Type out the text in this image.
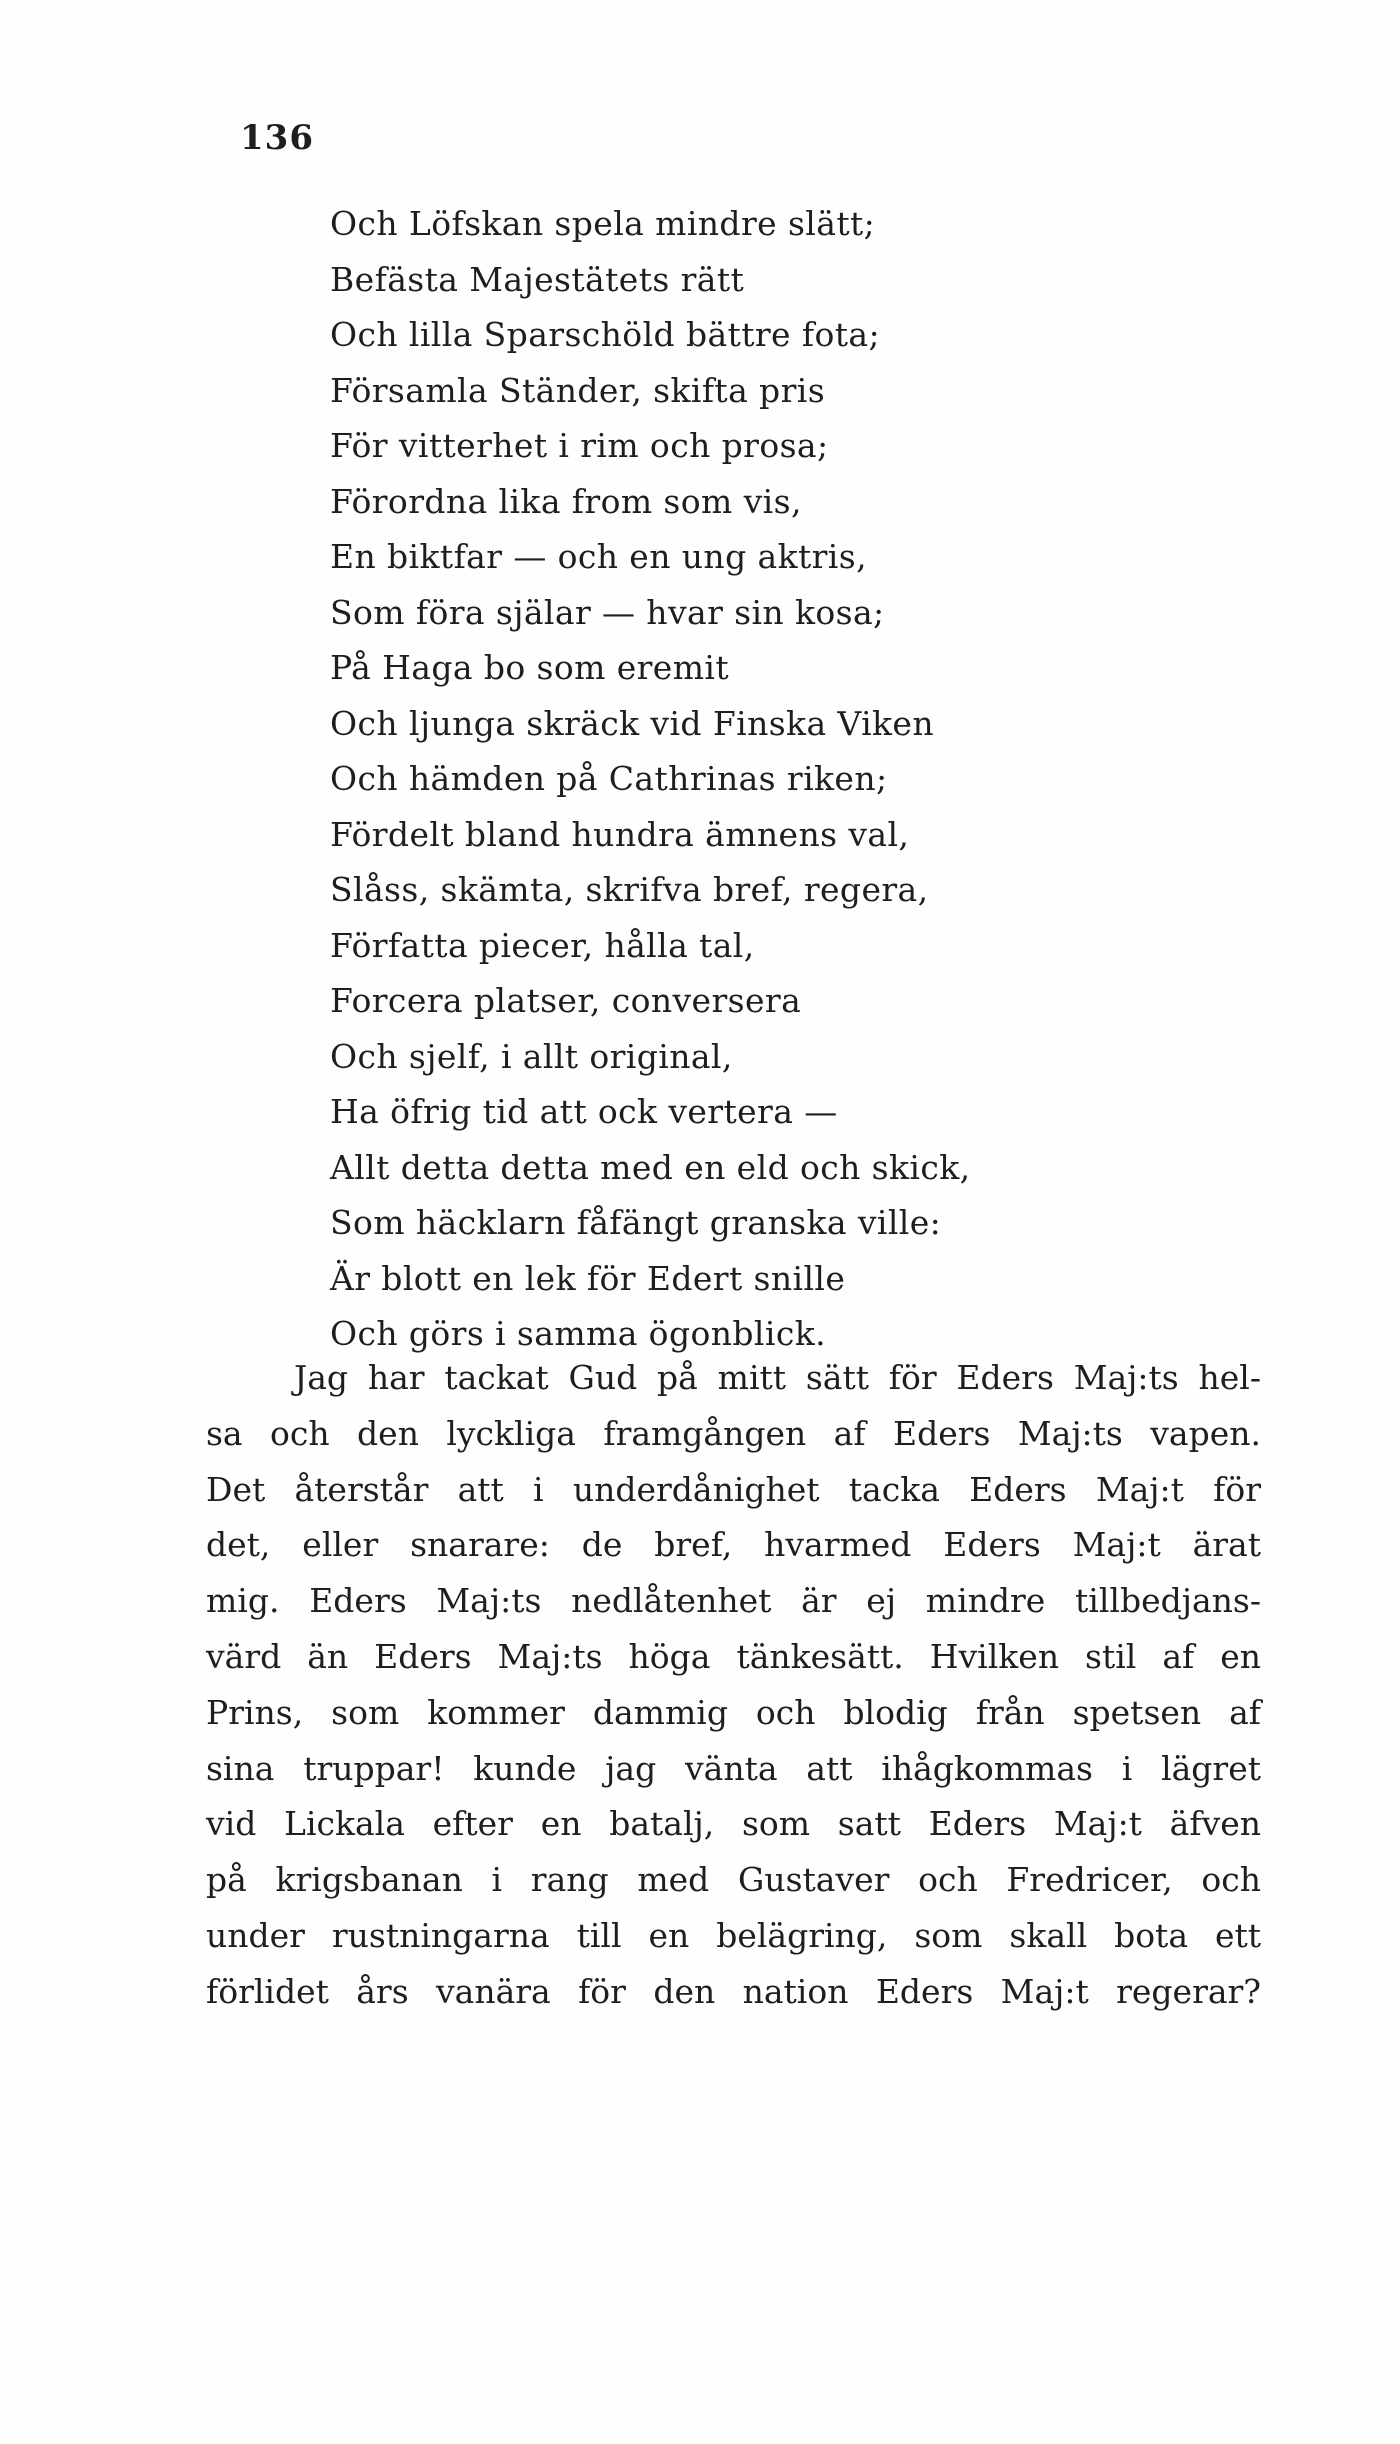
136

Och Löfskan spela mindre slätt;
Befästa Majestätets rätt
Och lilla Sparschöld bättre fota;
Församla Ständer, skifta pris
För vitterhet i rim och prosa;
Förordna lika from som vis,
En biktfar — och en ung aktris,
Som föra själar — hvar sin kosa;
På Haga bo som eremit
Och ljunga skräck vid Finska Viken
Och hämden på Cathrinas riken;
Fördelt bland hundra ämnens val,
Slåss, skämta, skrifva bref, regera,
Författa piecer, hålla tal,
Forcera platser, conversera
Och sjelf, i allt original,
Ha öfrig tid att ock vertera —
Allt detta detta med en eld och skick,
Som häcklarn fåfängt granska ville:
Är blott en lek för Edert snille
Och görs i samma ögonblick.
Jag har tackat Gud på mitt sätt för Eders Maj:ts hel-
sa och den lyckliga framgången af Eders Maj:ts vapen.
Det återstår att i underdånighet tacka Eders Maj:t för
det, eller snarare: de bref, hvarmed Eders Maj:t ärat
mig. Eders Maj:ts nedlåtenhet är ej mindre tillbedjans-
värd än Eders Maj:ts höga tänkesätt. Hvilken stil af en
Prins, som kommer dammig och blodig från spetsen af
sina truppar! kunde jag vänta att ihågkommas i lägret
vid Lickala efter en batalj, som satt Eders Maj:t äfven
på krigsbanan i rang med Gustaver och Fredricer, och
under rustningarna till en belägring, som skall bota ett
förlidet års vanära för den nation Eders Maj:t regerar?
